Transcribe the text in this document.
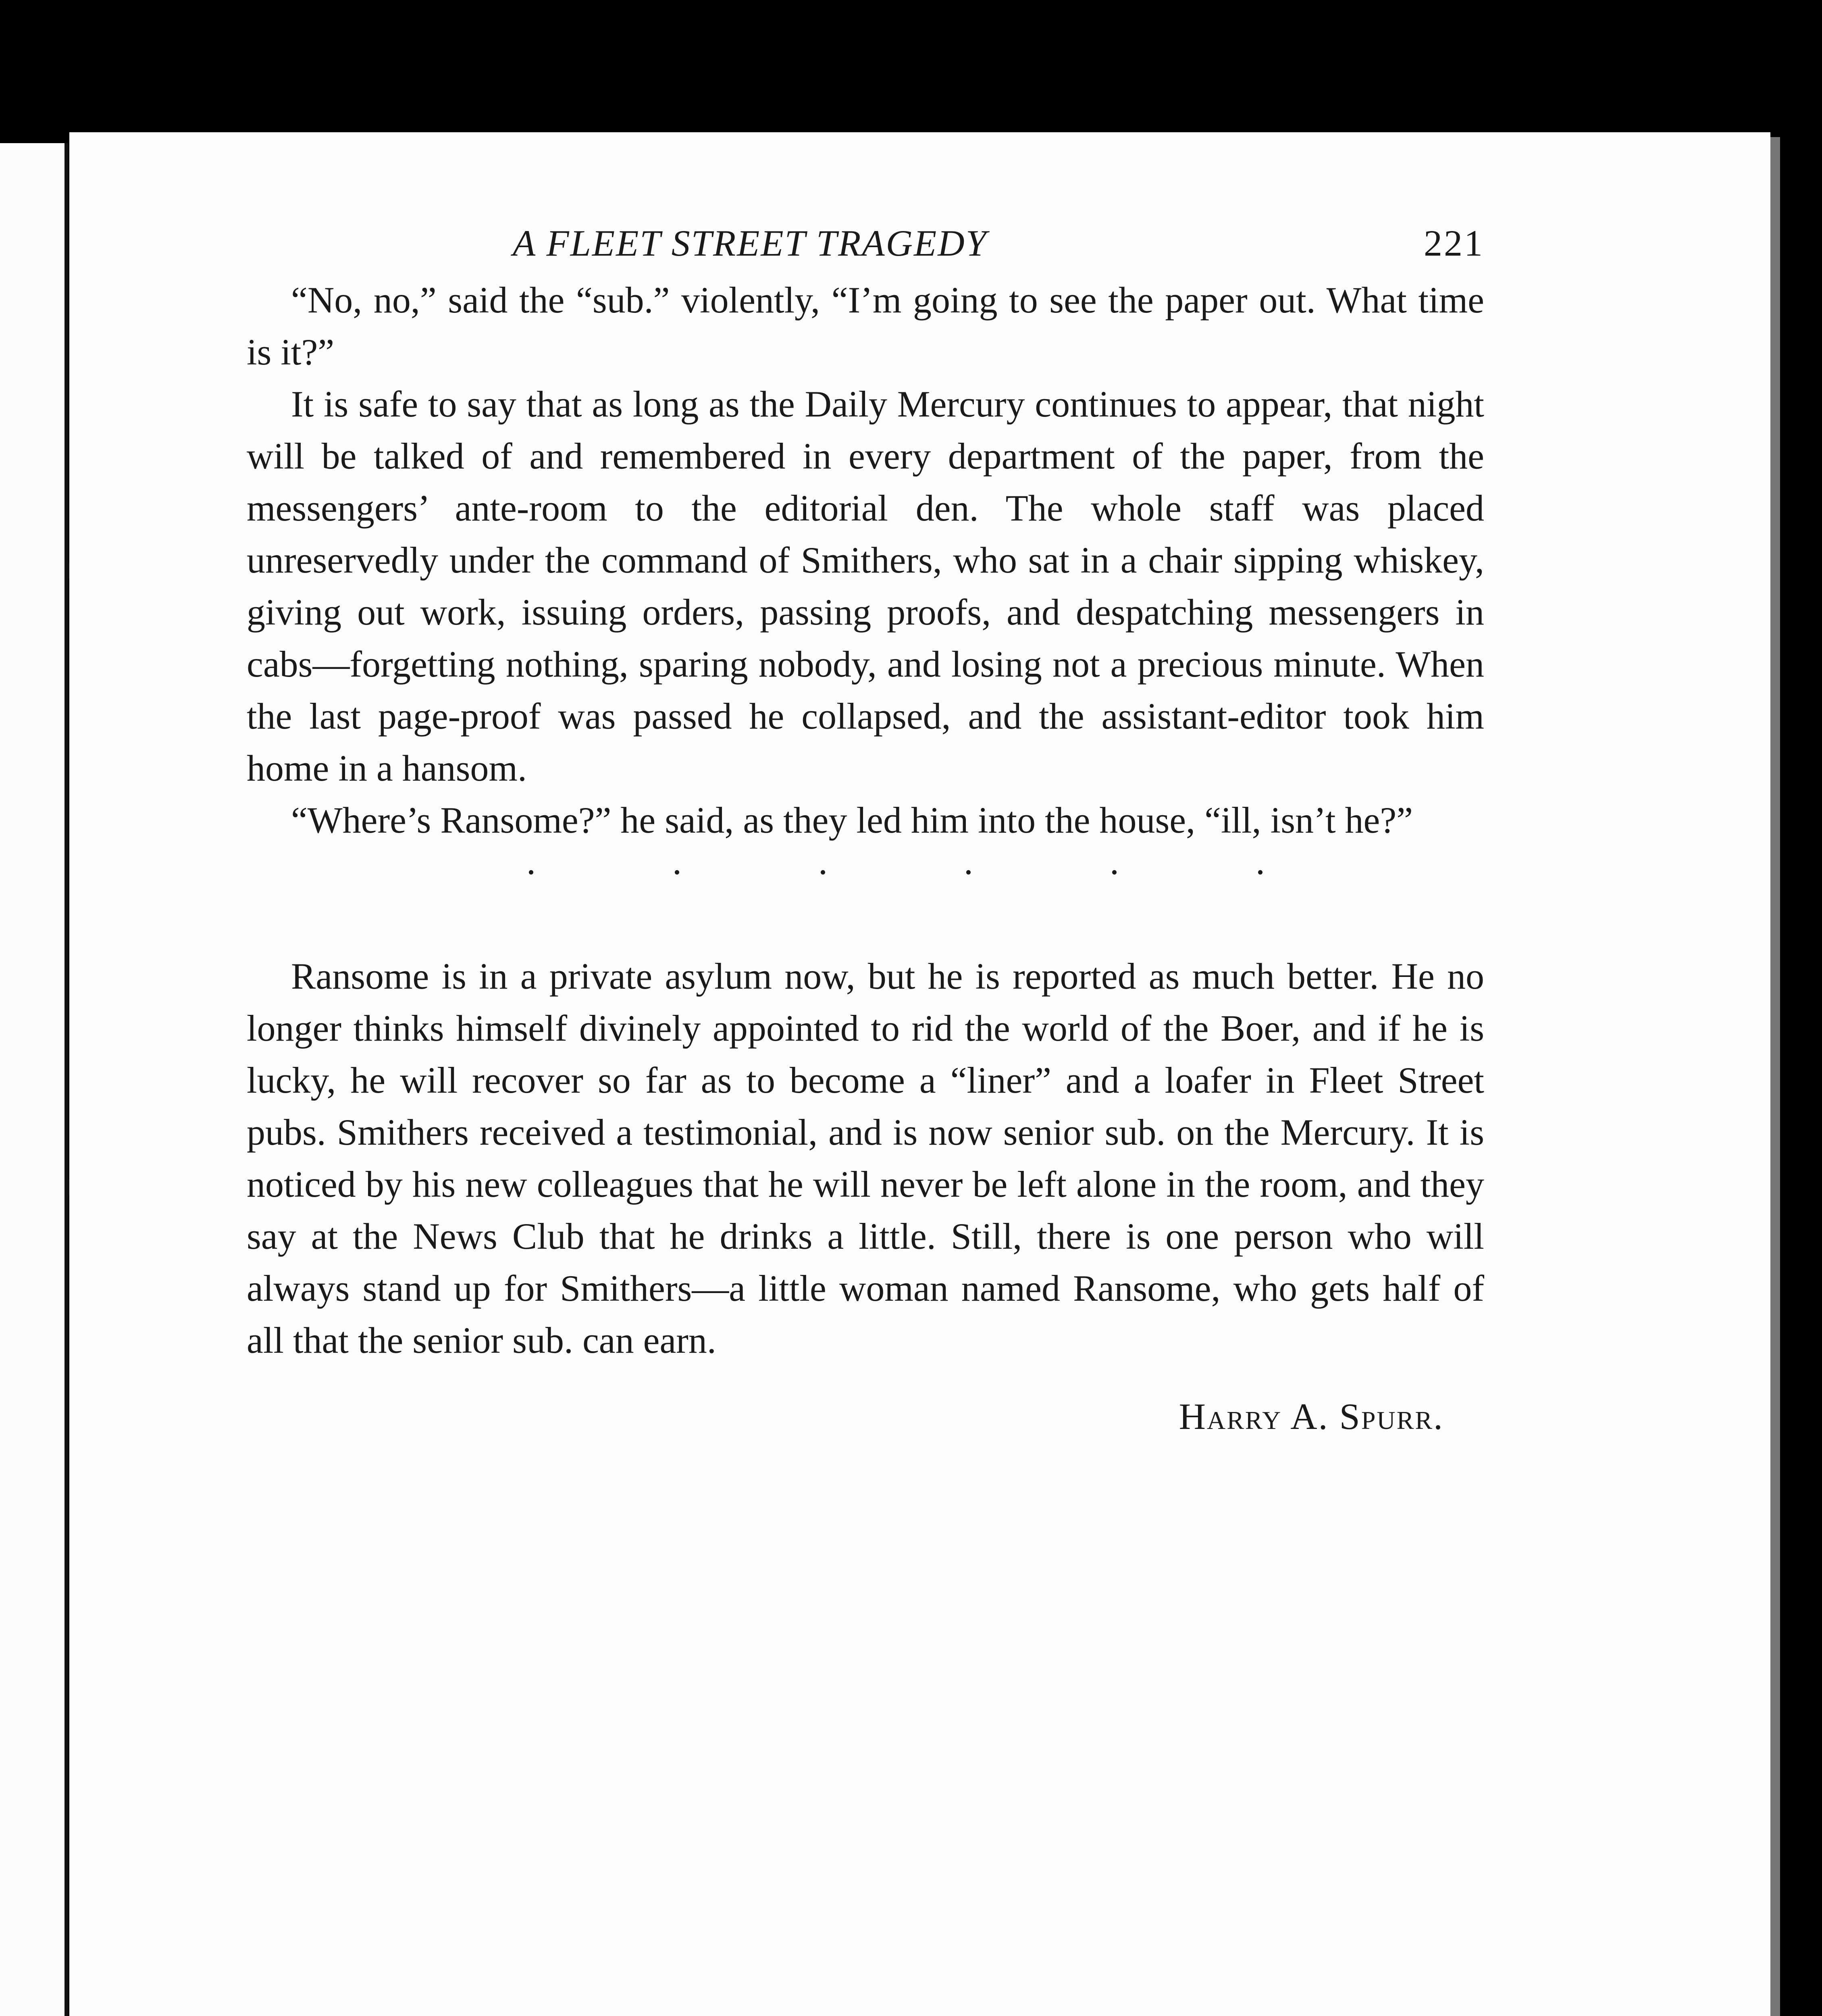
A FLEET STREET TRAGEDY	221

“No, no,” said the “sub.” violently, “I’m going to see the paper out. What time is it?”

It is safe to say that as long as the Daily Mercury continues to appear, that night will be talked of and remembered in every department of the paper, from the messengers’ ante-room to the editorial den. The whole staff was placed unreservedly under the command of Smithers, who sat in a chair sipping whiskey, giving out work, issuing orders, passing proofs, and despatching messengers in cabs—forgetting nothing, sparing nobody, and losing not a precious minute. When the last page-proof was passed he collapsed, and the assistant-editor took him home in a hansom.

“Where’s Ransome?” he said, as they led him into the house, “ill, isn’t he?”

Ransome is in a private asylum now, but he is reported as much better. He no longer thinks himself divinely appointed to rid the world of the Boer, and if he is lucky, he will recover so far as to become a “liner” and a loafer in Fleet Street pubs. Smithers received a testimonial, and is now senior sub. on the Mercury. It is noticed by his new colleagues that he will never be left alone in the room, and they say at the News Club that he drinks a little. Still, there is one person who will always stand up for Smithers—a little woman named Ransome, who gets half of all that the senior sub. can earn.

Harry A. Spurr.
